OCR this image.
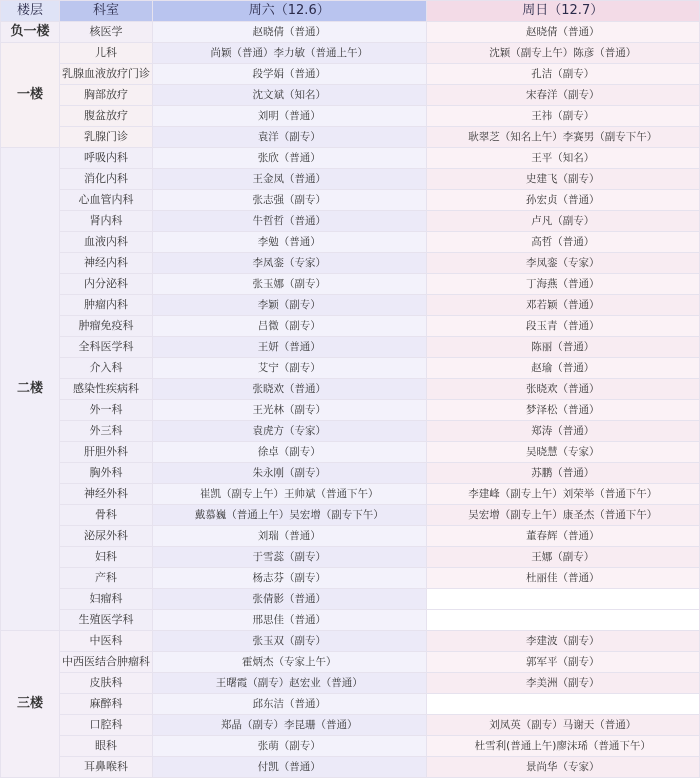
楼层	科室	周六（12.6）	周日（12.7）
负一楼	核医学	赵晓倩（普通）	赵晓倩（普通）
一楼	儿科	尚颖（普通）李力敏（普通上午）	沈颖（副专上午）陈彦（普通）
	乳腺血液放疗门诊	段学娟（普通）	孔洁（副专）
	胸部放疗	沈文斌（知名）	宋春洋（副专）
	腹盆放疗	刘明（普通）	王祎（副专）
	乳腺门诊	袁洋（副专）	耿翠芝（知名上午）李赛男（副专下午）
二楼	呼吸内科	张欣（普通）	王平（知名）
	消化内科	王金凤（普通）	史建飞（副专）
	心血管内科	张志强（副专）	孙宏贞（普通）
	肾内科	牛哲哲（普通）	卢凡（副专）
	血液内科	李勉（普通）	高哲（普通）
	神经内科	李凤銮（专家）	李凤銮（专家）
	内分泌科	张玉娜（副专）	丁海燕（普通）
	肿瘤内科	李颖（副专）	邓若颖（普通）
	肿瘤免疫科	吕微（副专）	段玉青（普通）
	全科医学科	王妍（普通）	陈丽（普通）
	介入科	艾宁（副专）	赵瑜（普通）
	感染性疾病科	张晓欢（普通）	张晓欢（普通）
	外一科	王光林（副专）	梦泽松（普通）
	外三科	袁虎方（专家）	郑涛（普通）
	肝胆外科	徐卓（副专）	吴晓慧（专家）
	胸外科	朱永刚（副专）	苏鹏（普通）
	神经外科	崔凯（副专上午）王帅斌（普通下午）	李建峰（副专上午）刘荣举（普通下午）
	骨科	戴慕巍（普通上午）吴宏增（副专下午）	吴宏增（副专上午）康圣杰（普通下午）
	泌尿外科	刘瑞（普通）	董春辉（普通）
	妇科	于雪蕊（副专）	王娜（副专）
	产科	杨志芬（副专）	杜丽佳（普通）
	妇瘤科	张倩影（普通）	
	生殖医学科	邢思佳（普通）	
三楼	中医科	张玉双（副专）	李建波（副专）
	中西医结合肿瘤科	霍炳杰（专家上午）	郭军平（副专）
	皮肤科	王曙霞（副专）赵宏业（普通）	李美洲（副专）
	麻醉科	邱东洁（普通）	
	口腔科	郑晶（副专）李昆珊（普通）	刘凤英（副专）马谢天（普通）
	眼科	张萌（副专）	杜雪利(普通上午)廖沫琋（普通下午）
	耳鼻喉科	付凯（普通）	景尚华（专家）
